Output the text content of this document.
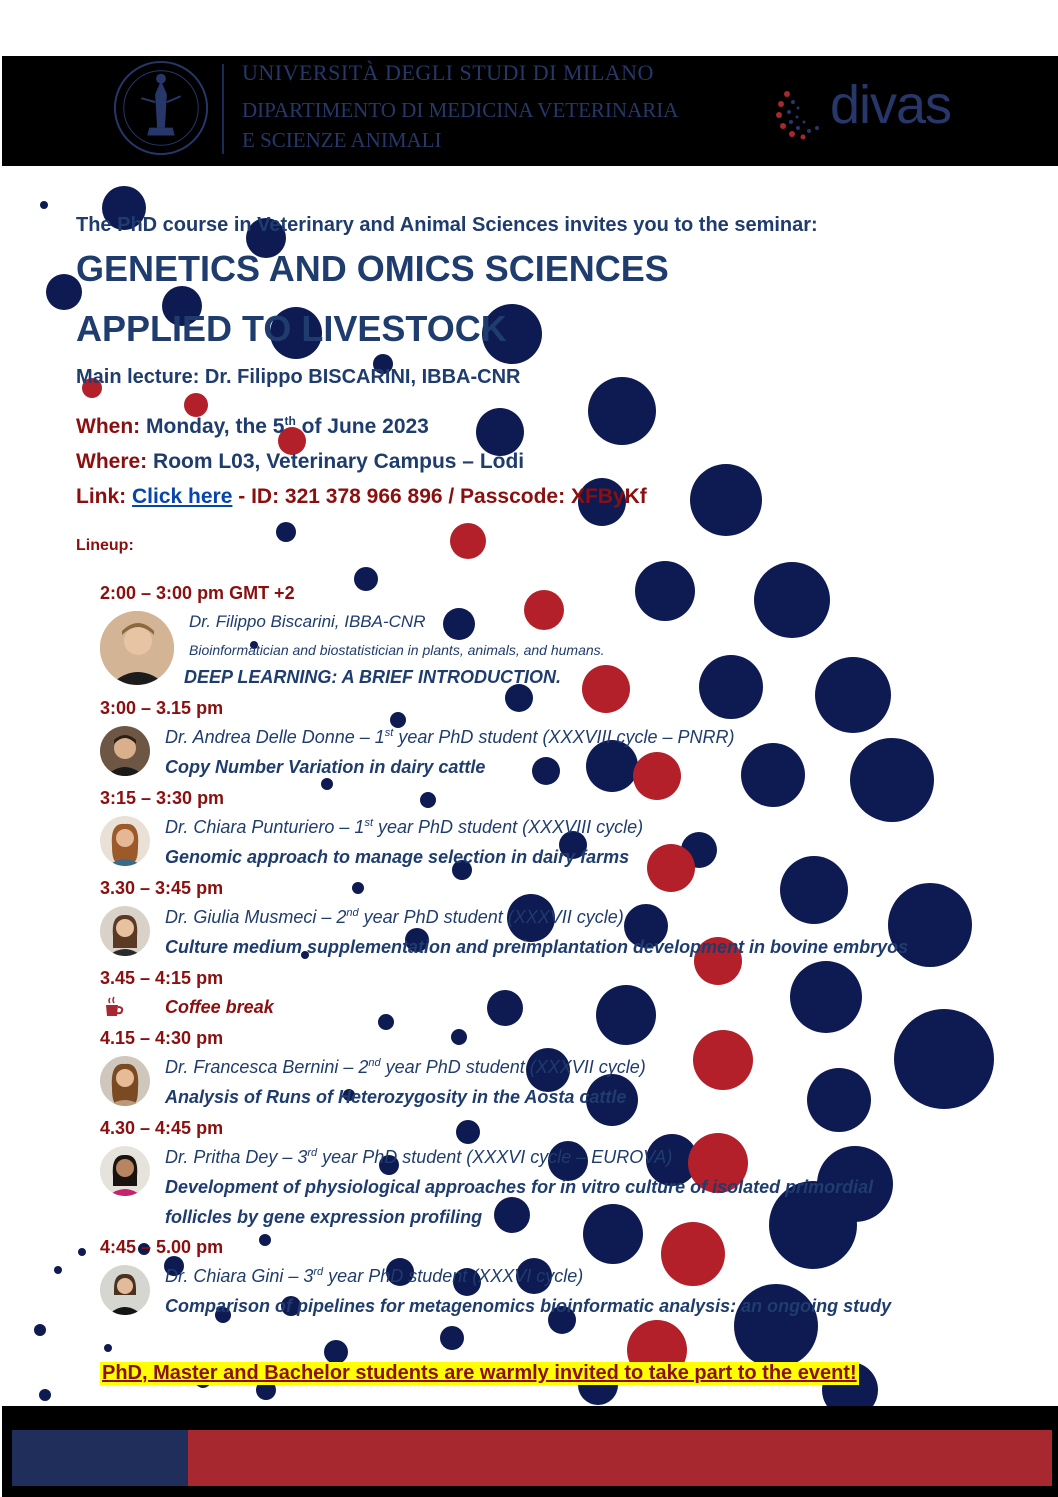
UNIVERSITÀ DEGLI STUDI DI MILANO
DIPARTIMENTO DI MEDICINA VETERINARIA
E SCIENZE ANIMALI
divas
The PhD course in Veterinary and Animal Sciences invites you to the seminar:
GENETICS AND OMICS SCIENCES
APPLIED TO LIVESTOCK
Main lecture: Dr. Filippo BISCARINI, IBBA-CNR
When: Monday, the 5th of June 2023
Where: Room L03, Veterinary Campus – Lodi
Link: Click here - ID: 321 378 966 896 / Passcode: XFByKf
Lineup:
2:00 – 3:00 pm GMT +2
Dr. Filippo Biscarini, IBBA-CNR
Bioinformatician and biostatistician in plants, animals, and humans.
DEEP LEARNING: A BRIEF INTRODUCTION.
3:00 – 3.15 pm
Dr. Andrea Delle Donne – 1st year PhD student (XXXVIII cycle – PNRR)
Copy Number Variation in dairy cattle
3:15 – 3:30 pm
Dr. Chiara Punturiero – 1st year PhD student (XXXVIII cycle)
Genomic approach to manage selection in dairy farms
3.30 – 3:45 pm
Dr. Giulia Musmeci – 2nd year PhD student (XXXVII cycle)
Culture medium supplementation and preimplantation development in bovine embryos
3.45 – 4:15 pm
Coffee break
4.15 – 4:30 pm
Dr. Francesca Bernini – 2nd year PhD student (XXXVII cycle)
Analysis of Runs of Heterozygosity in the Aosta cattle
4.30 – 4:45 pm
Dr. Pritha Dey – 3rd year PhD student (XXXVI cycle – EUROVA)
Development of physiological approaches for in vitro culture of isolated primordial
follicles by gene expression profiling
4:45 – 5.00 pm
Dr. Chiara Gini – 3rd year PhD student (XXXVI cycle)
Comparison of pipelines for metagenomics bioinformatic analysis: an ongoing study
PhD, Master and Bachelor students are warmly invited to take part to the event!
